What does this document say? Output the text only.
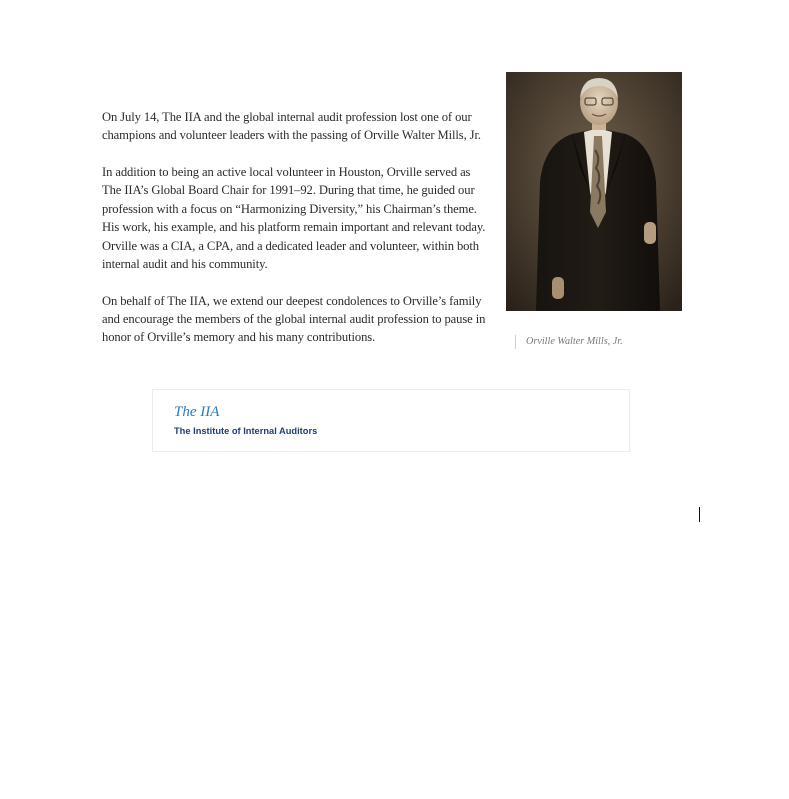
On July 14, The IIA and the global internal audit profession lost one of our champions and volunteer leaders with the passing of Orville Walter Mills, Jr.

In addition to being an active local volunteer in Houston, Orville served as The IIA’s Global Board Chair for 1991–92. During that time, he guided our profession with a focus on “Harmonizing Diversity,” his Chairman’s theme. His work, his example, and his platform remain important and relevant today. Orville was a CIA, a CPA, and a dedicated leader and volunteer, within both internal audit and his community.

On behalf of The IIA, we extend our deepest condolences to Orville’s family and encourage the members of the global internal audit profession to pause in honor of Orville’s memory and his many contributions.	Orville Walter Mills, Jr.
The IIA
The Institute of Internal Auditors
